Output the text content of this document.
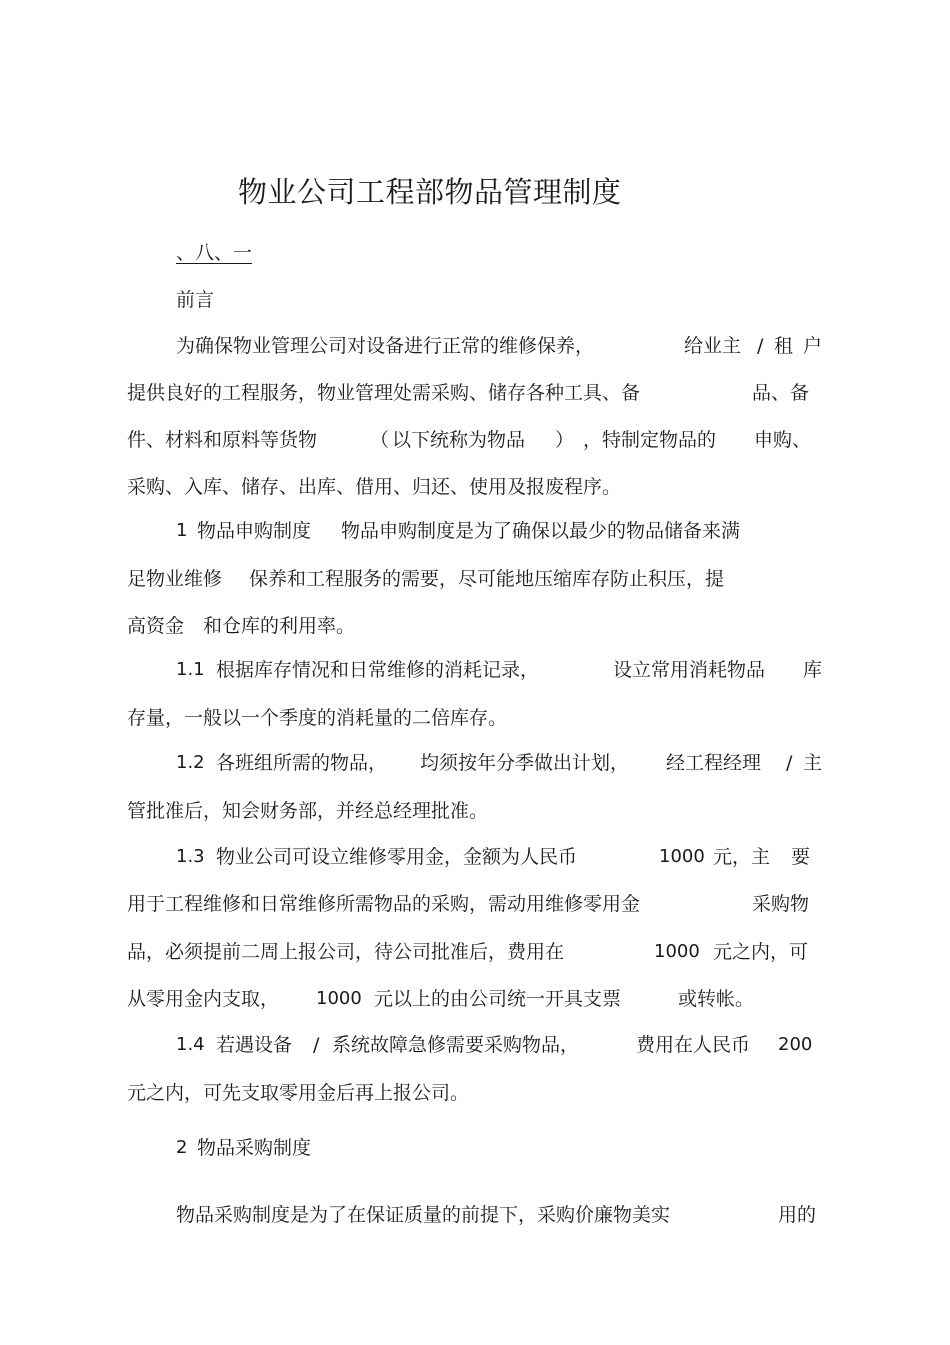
物业公司工程部物品管理制度
、八、一
前言
为确保物业管理公司对设备进行正常的维修保养，	给业主 / 租 户
提供良好的工程服务，物业管理处需采购、储存各种工具、备	品、备
件、材料和原料等货物	（ 以下统称为物品 ） ，特制定物品的 申购、
采购、入库、储存、出库、借用、归还、使用及报废程序。
1 物品申购制度 物品申购制度是为了确保以最少的物品储备来满
足物业维修 保养和工程服务的需要，尽可能地压缩库存防止积压，提
高资金 和仓库的利用率。
1.1 根据库存情况和日常维修的消耗记录，	设立常用消耗物品 库
存量，一般以一个季度的消耗量的二倍库存。
1.2 各班组所需的物品， 均须按年分季做出计划， 经工程经理 / 主
管批准后，知会财务部，并经总经理批准。
1.3 物业公司可设立维修零用金，金额为人民币	1000 元，主 要
用于工程维修和日常维修所需物品的采购，需动用维修零用金	采购物
品，必须提前二周上报公司，待公司批准后，费用在	1000 元之内，可
从零用金内支取， 1000 元以上的由公司统一开具支票	或转帐。
1.4 若遇设备 / 系统故障急修需要采购物品，	费用在人民币 200
元之内，可先支取零用金后再上报公司。
2 物品采购制度
物品采购制度是为了在保证质量的前提下，采购价廉物美实	用的
